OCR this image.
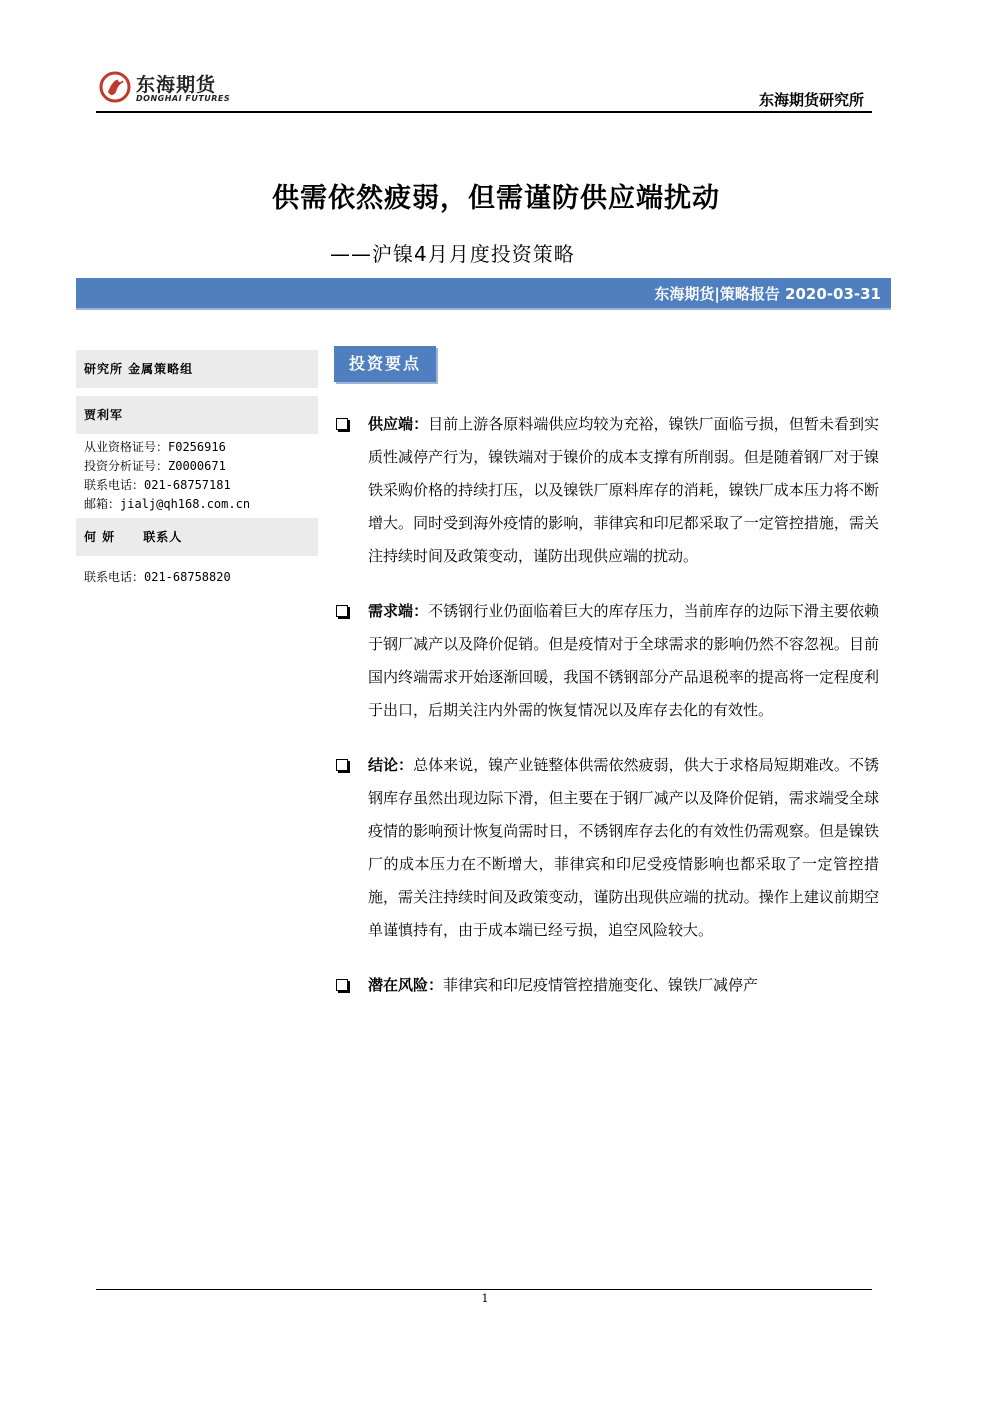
东海期货
DONGHAI FUTURES	东海期货研究所
供需依然疲弱，但需谨防供应端扰动
——沪镍4月月度投资策略
东海期货|策略报告 2020-03-31
研究所 金属策略组
贾利军
从业资格证号：F0256916
投资分析证号：Z0000671
联系电话：021-68757181
邮箱：jialj@qh168.com.cn
何 妍 联系人
联系电话：021-68758820
投资要点
供应端：目前上游各原料端供应均较为充裕，镍铁厂面临亏损，但暂未看到实质性减停产行为，镍铁端对于镍价的成本支撑有所削弱。但是随着钢厂对于镍铁采购价格的持续打压，以及镍铁厂原料库存的消耗，镍铁厂成本压力将不断增大。同时受到海外疫情的影响，菲律宾和印尼都采取了一定管控措施，需关注持续时间及政策变动，谨防出现供应端的扰动。
需求端：不锈钢行业仍面临着巨大的库存压力，当前库存的边际下滑主要依赖于钢厂减产以及降价促销。但是疫情对于全球需求的影响仍然不容忽视。目前国内终端需求开始逐渐回暖，我国不锈钢部分产品退税率的提高将一定程度利于出口，后期关注内外需的恢复情况以及库存去化的有效性。
结论：总体来说，镍产业链整体供需依然疲弱，供大于求格局短期难改。不锈钢库存虽然出现边际下滑，但主要在于钢厂减产以及降价促销，需求端受全球疫情的影响预计恢复尚需时日，不锈钢库存去化的有效性仍需观察。但是镍铁厂的成本压力在不断增大，菲律宾和印尼受疫情影响也都采取了一定管控措施，需关注持续时间及政策变动，谨防出现供应端的扰动。操作上建议前期空单谨慎持有，由于成本端已经亏损，追空风险较大。
潜在风险：菲律宾和印尼疫情管控措施变化、镍铁厂减停产
1
